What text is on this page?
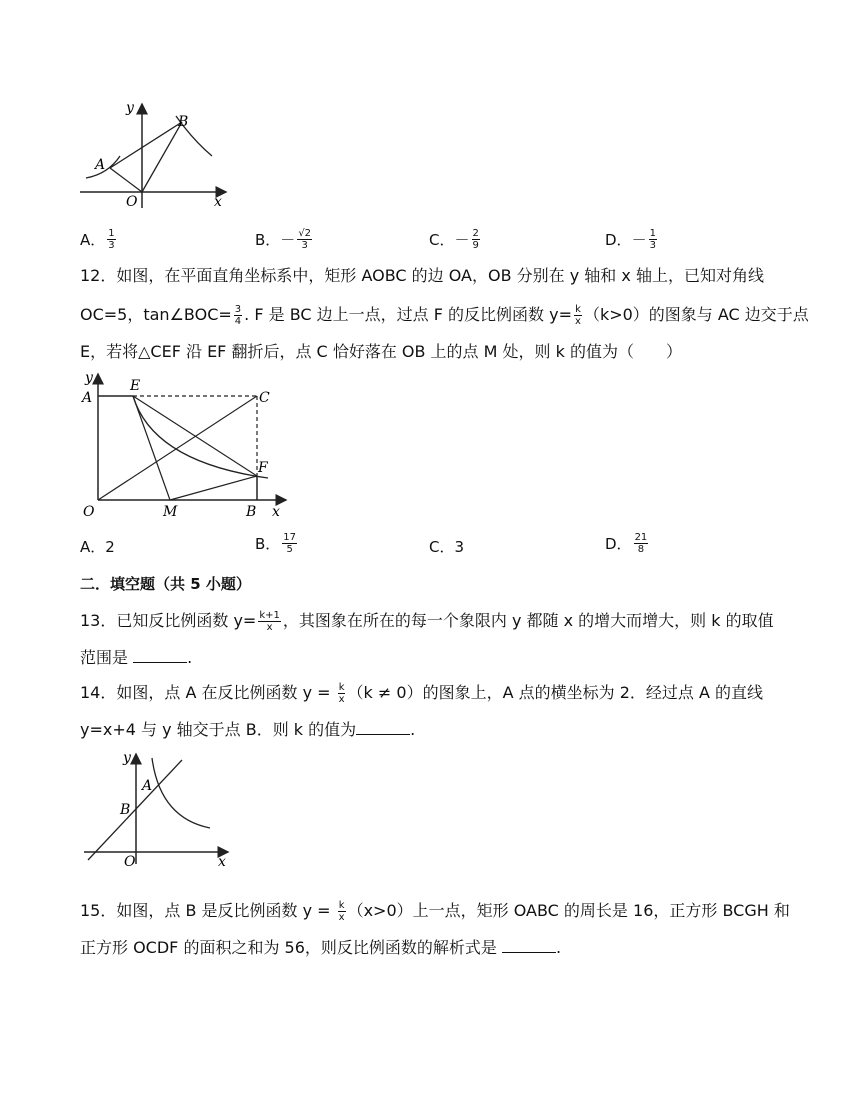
y
B
A
O	x
A． $\frac{1}{3}$	B． － $\frac{√2}{3}$	C． － $\frac{2}{9}$	D． － $\frac{1}{3}$
12．如图，在平面直角坐标系中，矩形 AOBC 的边 OA，OB 分别在 y 轴和 x 轴上，已知对角线
OC=5，tan∠BOC= $\frac{3}{4}$ . F 是 BC 边上一点，过点 F 的反比例函数 $y= \frac{k}{x} (k>0)$的图象与 AC 边交于点
E，若将△CEF 沿 EF 翻折后，点 C 恰好落在 OB 上的点 M 处，则 k 的值为（　　）
y
A
E
C
F
O	M	B x
A． 2	B． $\frac{17}{5}$	C． 3	D． $\frac{21}{8}$
二．填空题（共 5 小题）
13．已知反比例函数 $y= \frac{k+1}{x}$ ，其图象在所在的每一个象限内 y 都随 x 的增大而增大，则 k 的取值
范围是	.
14．如图，点 A 在反比例函数 $y = \frac{k}{x} (k \ne 0)$的图象上，A 点的横坐标为 2．经过点 A 的直线
y=x+4 与 y 轴交于点 B．则 k 的值为	.
y
A
B
O	x
15．如图，点 B 是反比例函数 $y = \frac{k}{x} (x>0)$上一点，矩形 OABC 的周长是 16，正方形 BCGH 和
正方形 OCDF 的面积之和为 56，则反比例函数的解析式是	.
